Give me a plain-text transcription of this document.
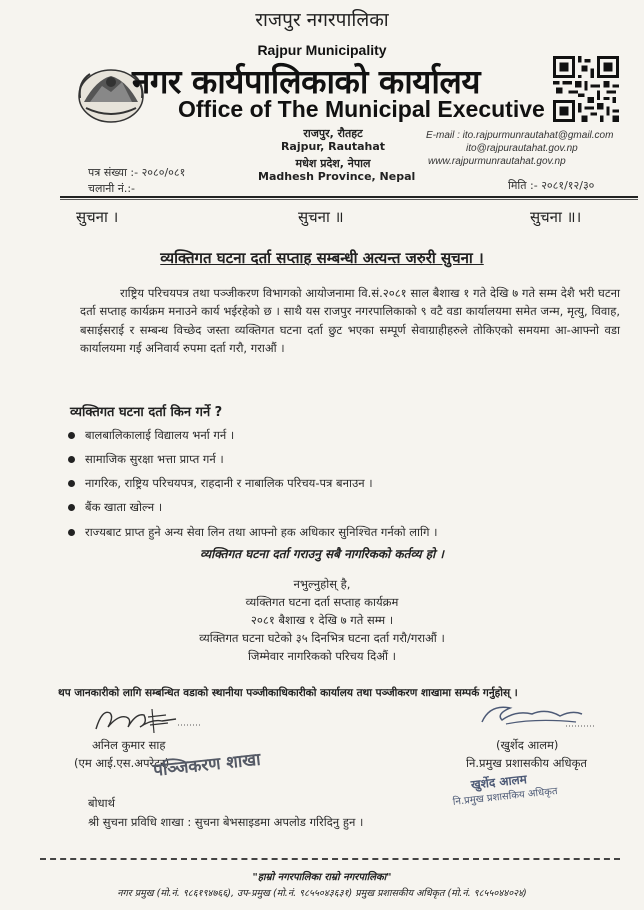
राजपुर नगरपालिका
Rajpur Municipality
नगर कार्यपालिकाको कार्यालय
Office of The Municipal Executive
राजपुर, रौतहट
Rajpur, Rautahat
मधेश प्रदेश, नेपाल
Madhesh Province, Nepal
E-mail : ito.rajpurmunrautahat@gmail.com
ito@rajpurautahat.gov.np
www.rajpurmunrautahat.gov.np
पत्र संख्या :- २०८०/०८१
चलानी नं.:-	मिति :- २०८१/१२/३०
सुचना ।	सुचना ॥	सुचना ॥।
व्यक्तिगत घटना दर्ता सप्ताह सम्बन्धी अत्यन्त जरुरी सुचना ।
राष्ट्रिय परिचयपत्र तथा पञ्जीकरण विभागको आयोजनामा वि.सं.२०८१ साल बैशाख १ गते देखि ७ गते सम्म देशै भरी घटना दर्ता सप्ताह कार्यक्रम मनाउने कार्य भईरहेको छ । साथै यस राजपुर नगरपालिकाको ९ वटै वडा कार्यालयमा समेत जन्म, मृत्यु, विवाह, बसाईसराई र सम्बन्ध विच्छेद जस्ता व्यक्तिगत घटना दर्ता छुट भएका सम्पूर्ण सेवाग्राहीहरुले तोकिएको समयमा आ-आफ्नो वडा कार्यालयमा गई अनिवार्य रुपमा दर्ता गरौ, गराऔं ।
व्यक्तिगत घटना दर्ता किन गर्ने ?
बालबालिकालाई विद्यालय भर्ना गर्न ।
सामाजिक सुरक्षा भत्ता प्राप्त गर्न ।
नागरिक, राष्ट्रिय परिचयपत्र, राहदानी र नाबालिक परिचय-पत्र बनाउन ।
बैंक खाता खोल्न ।
राज्यबाट प्राप्त हुने अन्य सेवा लिन तथा आफ्नो हक अधिकार सुनिश्चित गर्नको लागि ।
व्यक्तिगत घटना दर्ता गराउनु सबै नागरिकको कर्तव्य हो ।
नभुल्नुहोस् है,
व्यक्तिगत घटना दर्ता सप्ताह कार्यक्रम
२०८१ बैशाख १ देखि ७ गते सम्म ।
व्यक्तिगत घटना घटेको ३५ दिनभित्र घटना दर्ता गरौ/गराऔं ।
जिम्मेवार नागरिकको परिचय दिऔं ।
थप जानकारीको लागि सम्बन्धित वडाको स्थानीया पञ्जीकाधिकारीको कार्यालय तथा पञ्जीकरण शाखामा सम्पर्क गर्नुहोस् ।
अनिल कुमार साह
(एम आई.एस.अपरेटर)
पञ्जिकरण शाखा
(खुर्शेद आलम)
नि.प्रमुख प्रशासकीय अधिकृत
खुर्शेद आलम
नि.प्रमुख प्रशासकिय अधिकृत
बोधार्थ
श्री सुचना प्रविधि शाखा : सुचना बेभसाइडमा अपलोड गरिदिनु हुन ।
"हाम्रो नगरपालिका राम्रो नगरपालिका"
नगर प्रमुख (मो.नं. ९८६१९४७६६), उप-प्रमुख (मो.नं. ९८५५०४३६३१) प्रमुख प्रशासकीय अधिकृत (मो.नं. ९८५५०४४०२४)
